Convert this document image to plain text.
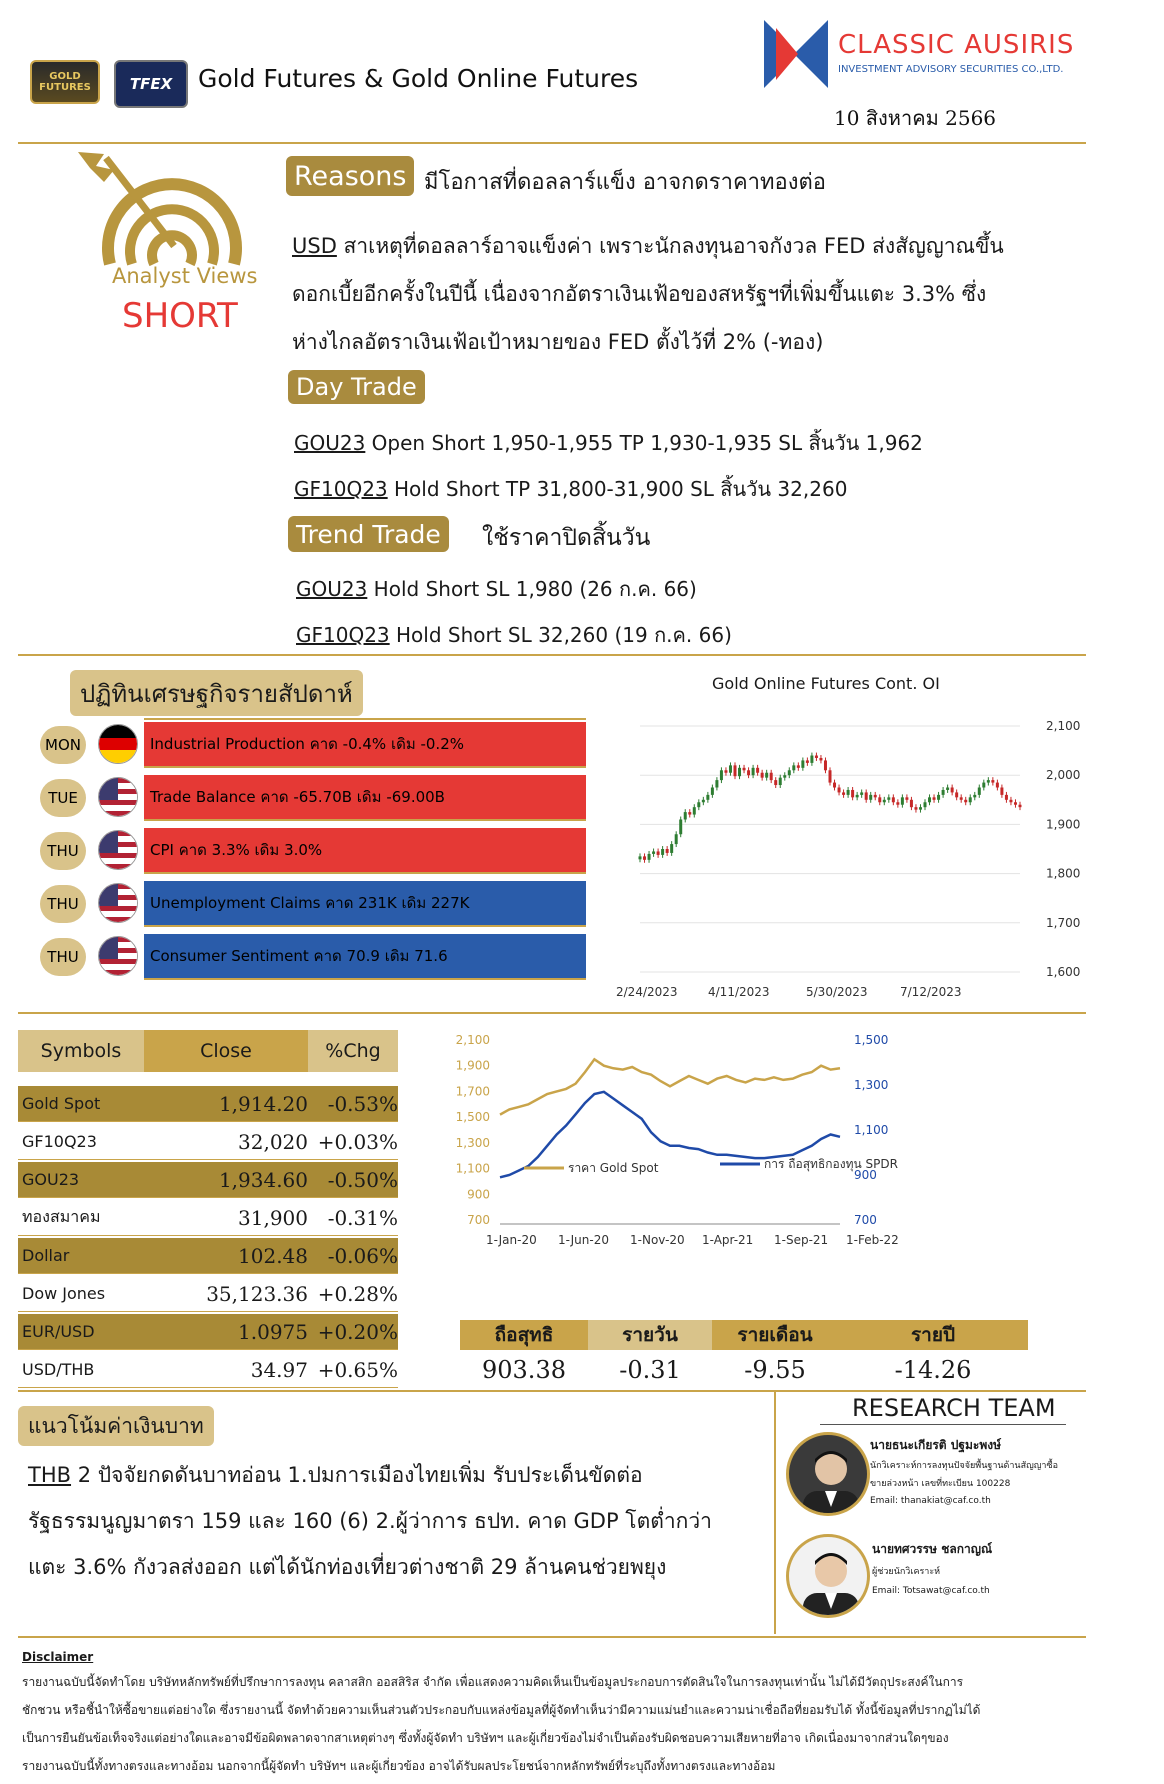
GOLD FUTURES	TFEX	Gold Futures & Gold Online Futures
CLASSIC AUSIRIS
INVESTMENT ADVISORY SECURITIES CO.,LTD.
10 สิงหาคม 2566
Analyst Views
SHORT
Reasons มีโอกาสที่ดอลลาร์แข็ง อาจกดราคาทองต่อ
USD สาเหตุที่ดอลลาร์อาจแข็งค่า เพราะนักลงทุนอาจกังวล FED ส่งสัญญาณขึ้น
ดอกเบี้ยอีกครั้งในปีนี้ เนื่องจากอัตราเงินเฟ้อของสหรัฐฯที่เพิ่มขึ้นแตะ 3.3% ซึ่ง
ห่างไกลอัตราเงินเฟ้อเป้าหมายของ FED ตั้งไว้ที่ 2% (-ทอง)
Day Trade
GOU23 Open Short 1,950-1,955 TP 1,930-1,935 SL สิ้นวัน 1,962
GF10Q23 Hold Short TP 31,800-31,900 SL สิ้นวัน 32,260
Trend Trade	ใช้ราคาปิดสิ้นวัน
GOU23 Hold Short SL 1,980 (26 ก.ค. 66)
GF10Q23 Hold Short SL 32,260 (19 ก.ค. 66)
ปฏิทินเศรษฐกิจรายสัปดาห์
MON	Industrial Production คาด -0.4% เดิม -0.2%
TUE	Trade Balance คาด -65.70B เดิม -69.00B
THU	CPI คาด 3.3% เดิม 3.0%
THU	Unemployment Claims คาด 231K เดิม 227K
THU	Consumer Sentiment คาด 70.9 เดิม 71.6
Gold Online Futures Cont. OI
2,100
2,000
1,900
1,800
1,700
1,600
2/24/2023	4/11/2023	5/30/2023	7/12/2023
Symbols	Close	%Chg
Gold Spot	1,914.20 -0.53%
GF10Q23	32,020 +0.03%
GOU23	1,934.60 -0.50%
ทองสมาคม	31,900 -0.31%
Dollar	102.48 -0.06%
Dow Jones	35,123.36 +0.28%
EUR/USD	1.0975 +0.20%
USD/THB	34.97 +0.65%
2,100
1,900
1,700
1,500
1,300
1,100
900
700
1,500
1,300
1,100
900
700
1-Jan-20 1-Jun-20 1-Nov-20 1-Apr-21 1-Sep-21 1-Feb-22
ราคา Gold Spot	การ ถือสุทธิกองทุน SPDR
ถือสุทธิ	รายวัน	รายเดือน	รายปี
903.38	-0.31	-9.55	-14.26
แนวโน้มค่าเงินบาท
THB 2 ปัจจัยกดดันบาทอ่อน 1.ปมการเมืองไทยเพิ่ม รับประเด็นขัดต่อ
รัฐธรรมนูญมาตรา 159 และ 160 (6) 2.ผู้ว่าการ ธปท. คาด GDP โตต่ำกว่า
แตะ 3.6% กังวลส่งออก แต่ได้นักท่องเที่ยวต่างชาติ 29 ล้านคนช่วยพยุง
RESEARCH TEAM
นายธนะเกียรติ ปฐมะพงษ์
นักวิเคราะห์การลงทุนปัจจัยพื้นฐานด้านสัญญาซื้อ
ขายล่วงหน้า เลขที่ทะเบียน 100228
Email: thanakiat@caf.co.th
นายทศวรรษ ชลกาญณ์
ผู้ช่วยนักวิเคราะห์
Email: Totsawat@caf.co.th
Disclaimer
รายงานฉบับนี้จัดทำโดย บริษัทหลักทรัพย์ที่ปรึกษาการลงทุน คลาสสิก ออสสิริส จำกัด เพื่อแสดงความคิดเห็นเป็นข้อมูลประกอบการตัดสินใจในการลงทุนเท่านั้น ไม่ได้มีวัตถุประสงค์ในการ
ชักชวน หรือชี้นำให้ซื้อขายแต่อย่างใด ซึ่งรายงานนี้ จัดทำด้วยความเห็นส่วนตัวประกอบกับแหล่งข้อมูลที่ผู้จัดทำเห็นว่ามีความแม่นยำและความน่าเชื่อถือที่ยอมรับได้ ทั้งนี้ข้อมูลที่ปรากฏไม่ได้
เป็นการยืนยันข้อเท็จจริงแต่อย่างใดและอาจมีข้อผิดพลาดจากสาเหตุต่างๆ ซึ่งทั้งผู้จัดทำ บริษัทฯ และผู้เกี่ยวข้องไม่จำเป็นต้องรับผิดชอบความเสียหายที่อาจ เกิดเนื่องมาจากส่วนใดๆของ
รายงานฉบับนี้ทั้งทางตรงและทางอ้อม นอกจากนี้ผู้จัดทำ บริษัทฯ และผู้เกี่ยวข้อง อาจได้รับผลประโยชน์จากหลักทรัพย์ที่ระบุถึงทั้งทางตรงและทางอ้อม
